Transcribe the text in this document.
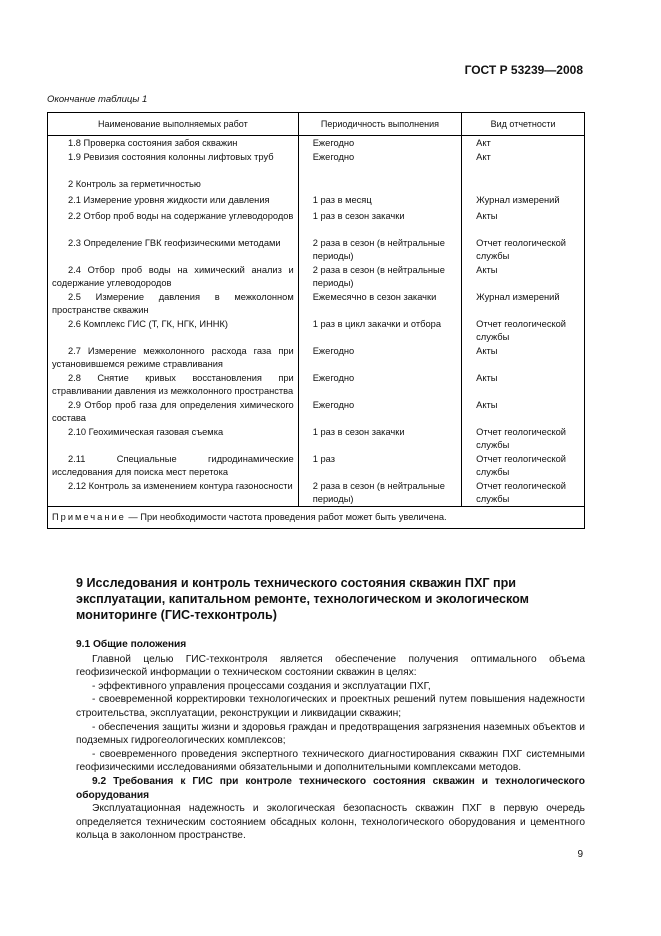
ГОСТ Р 53239—2008
Окончание таблицы 1
Наименование выполняемых работ	Периодичность выполнения	Вид отчетности

1.8 Проверка состояния забоя скважин	Ежегодно	Акт

1.9 Ревизия состояния колонны лифтовых труб	Ежегодно	Акт

2 Контроль за герметичностью		

2.1 Измерение уровня жидкости или давления	1 раз в месяц	Журнал измерений

2.2 Отбор проб воды на содержание углеводородов	1 раз в сезон закачки	Акты

2.3 Определение ГВК геофизическими методами	2 раза в сезон (в нейтральные периоды)	Отчет геологической службы

2.4 Отбор проб воды на химический анализ и содержание углеводородов	2 раза в сезон (в нейтральные периоды)	Акты

2.5 Измерение давления в межколонном пространстве скважин	Ежемесячно в сезон закачки	Журнал измерений

2.6 Комплекс ГИС (Т, ГК, НГК, ИННК)	1 раз в цикл закачки и отбора	Отчет геологической службы

2.7 Измерение межколонного расхода газа при установившемся режиме стравливания	Ежегодно	Акты

2.8 Снятие кривых восстановления при стравливании давления из межколонного пространства	Ежегодно	Акты

2.9 Отбор проб газа для определения химического состава	Ежегодно	Акты

2.10 Геохимическая газовая съемка	1 раз в сезон закачки	Отчет геологической службы

2.11 Специальные гидродинамические исследования для поиска мест перетока	1 раз	Отчет геологической службы

2.12 Контроль за изменением контура газоносности	2 раза в сезон (в нейтральные периоды)	Отчет геологической службы

Примечание — При необходимости частота проведения работ может быть увеличена.		
9 Исследования и контроль технического состояния скважин ПХГ при эксплуатации, капитальном ремонте, технологическом и экологическом мониторинге (ГИС-техконтроль)

9.1 Общие положения

Главной целью ГИС-техконтроля является обеспечение получения оптимального объема геофизической информации о техническом состоянии скважин в целях:

- эффективного управления процессами создания и эксплуатации ПХГ,

- своевременной корректировки технологических и проектных решений путем повышения надежности строительства, эксплуатации, реконструкции и ликвидации скважин;

- обеспечения защиты жизни и здоровья граждан и предотвращения загрязнения наземных объектов и подземных гидрогеологических комплексов;

- своевременного проведения экспертного технического диагностирования скважин ПХГ системными геофизическими исследованиями обязательными и дополнительными комплексами методов.

9.2 Требования к ГИС при контроле технического состояния скважин и технологического оборудования

Эксплуатационная надежность и экологическая безопасность скважин ПХГ в первую очередь определяется техническим состоянием обсадных колонн, технологического оборудования и цементного кольца в заколонном пространстве.

9
